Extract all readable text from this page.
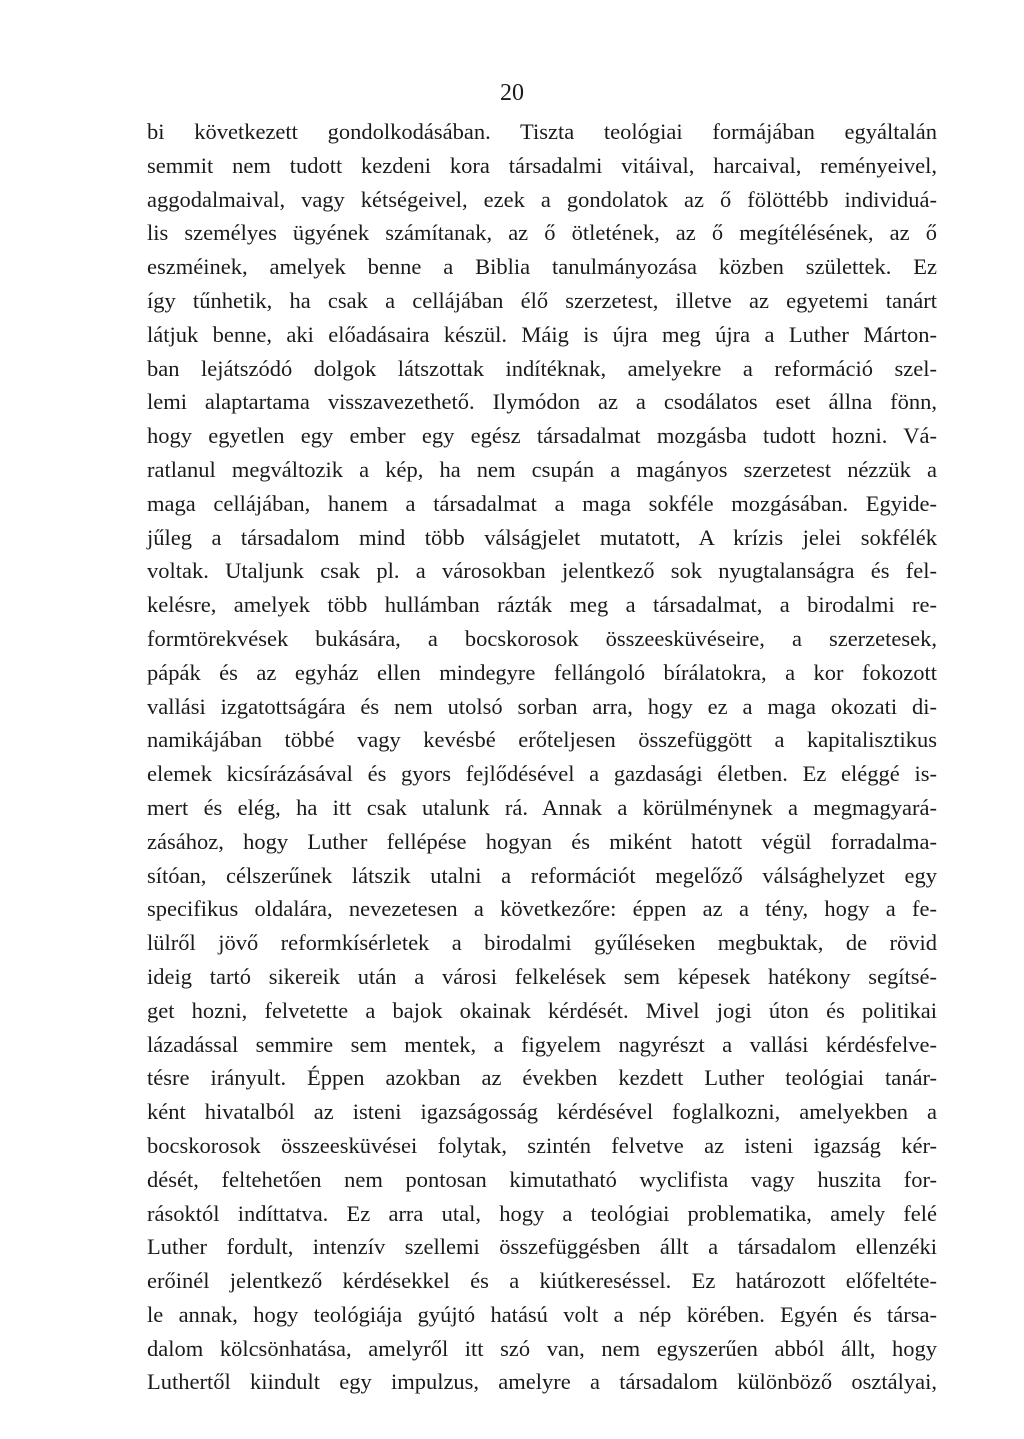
20
bi következett gondolkodásában. Tiszta teológiai formájában egyáltalán
semmit nem tudott kezdeni kora társadalmi vitáival, harcaival, reményeivel,
aggodalmaival, vagy kétségeivel, ezek a gondolatok az ő fölöttébb individuá-
lis személyes ügyének számítanak, az ő ötletének, az ő megítélésének, az ő
eszméinek, amelyek benne a Biblia tanulmányozása közben születtek. Ez
így tűnhetik, ha csak a cellájában élő szerzetest, illetve az egyetemi tanárt
látjuk benne, aki előadásaira készül. Máig is újra meg újra a Luther Márton-
ban lejátszódó dolgok látszottak indítéknak, amelyekre a reformáció szel-
lemi alaptartama visszavezethető. Ilymódon az a csodálatos eset állna fönn,
hogy egyetlen egy ember egy egész társadalmat mozgásba tudott hozni. Vá-
ratlanul megváltozik a kép, ha nem csupán a magányos szerzetest nézzük a
maga cellájában, hanem a társadalmat a maga sokféle mozgásában. Egyide-
jűleg a társadalom mind több válságjelet mutatott, A krízis jelei sokfélék
voltak. Utaljunk csak pl. a városokban jelentkező sok nyugtalanságra és fel-
kelésre, amelyek több hullámban rázták meg a társadalmat, a birodalmi re-
formtörekvések bukására, a bocskorosok összeesküvéseire, a szerzetesek,
pápák és az egyház ellen mindegyre fellángoló bírálatokra, a kor fokozott
vallási izgatottságára és nem utolsó sorban arra, hogy ez a maga okozati di-
namikájában többé vagy kevésbé erőteljesen összefüggött a kapitalisztikus
elemek kicsírázásával és gyors fejlődésével a gazdasági életben. Ez eléggé is-
mert és elég, ha itt csak utalunk rá. Annak a körülménynek a megmagyará-
zásához, hogy Luther fellépése hogyan és miként hatott végül forradalma-
sítóan, célszerűnek látszik utalni a reformációt megelőző válsághelyzet egy
specifikus oldalára, nevezetesen a következőre: éppen az a tény, hogy a fe-
lülről jövő reformkísérletek a birodalmi gyűléseken megbuktak, de rövid
ideig tartó sikereik után a városi felkelések sem képesek hatékony segítsé-
get hozni, felvetette a bajok okainak kérdését. Mivel jogi úton és politikai
lázadással semmire sem mentek, a figyelem nagyrészt a vallási kérdésfelve-
tésre irányult. Éppen azokban az években kezdett Luther teológiai tanár-
ként hivatalból az isteni igazságosság kérdésével foglalkozni, amelyekben a
bocskorosok összeesküvései folytak, szintén felvetve az isteni igazság kér-
dését, feltehetően nem pontosan kimutatható wyclifista vagy huszita for-
rásoktól indíttatva. Ez arra utal, hogy a teológiai problematika, amely felé
Luther fordult, intenzív szellemi összefüggésben állt a társadalom ellenzéki
erőinél jelentkező kérdésekkel és a kiútkereséssel. Ez határozott előfeltéte-
le annak, hogy teológiája gyújtó hatású volt a nép körében. Egyén és társa-
dalom kölcsönhatása, amelyről itt szó van, nem egyszerűen abból állt, hogy
Luthertől kiindult egy impulzus, amelyre a társadalom különböző osztályai,
